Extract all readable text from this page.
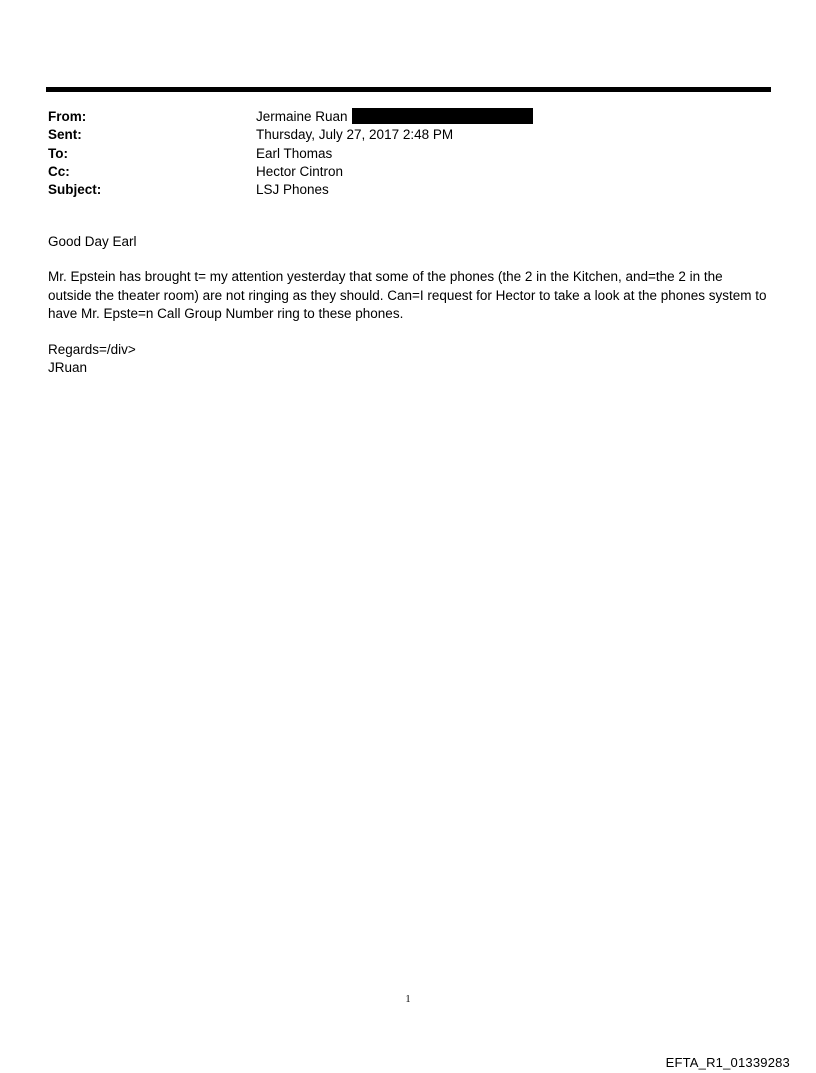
From:	Jermaine Ruan
Sent:	Thursday, July 27, 2017 2:48 PM
To:	Earl Thomas
Cc:	Hector Cintron
Subject:	LSJ Phones

Good Day Earl

Mr. Epstein has brought t= my attention yesterday that some of the phones (the 2 in the Kitchen, and=the 2 in the outside the theater room) are not ringing as they should. Can=I request for Hector to take a look at the phones system to have Mr. Epste=n Call Group Number ring to these phones.

Regards=/div>

JRuan

1
EFTA_R1_01339283
